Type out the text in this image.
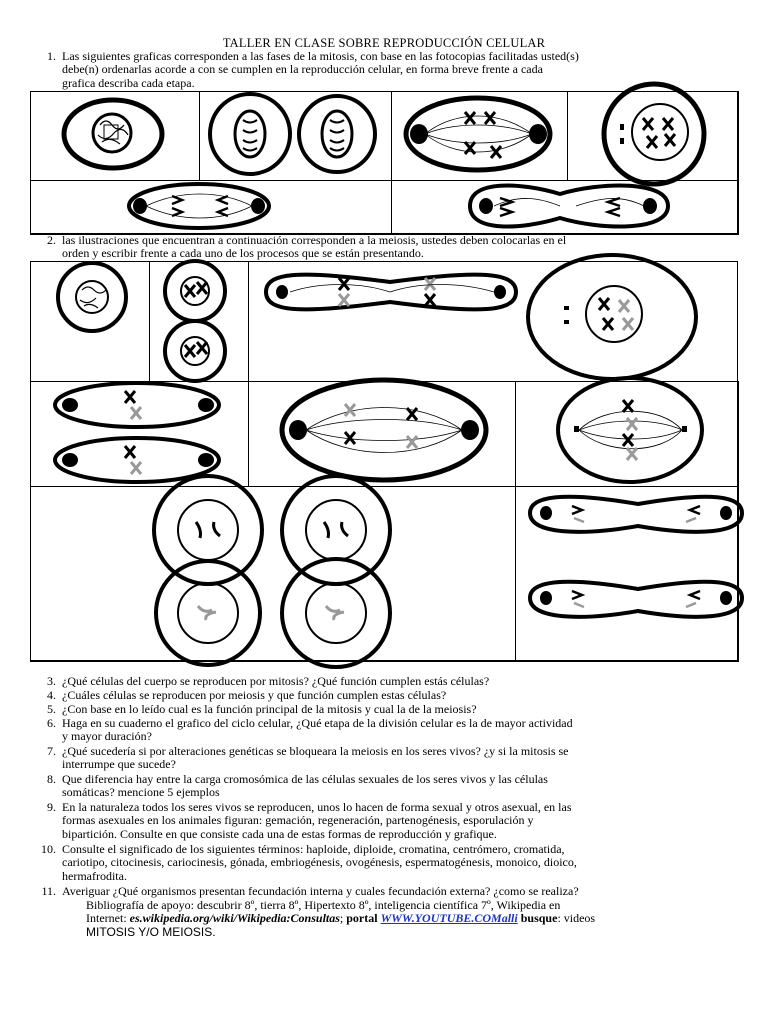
TALLER EN CLASE SOBRE REPRODUCCIÓN CELULAR
1. Las siguientes graficas corresponden a las fases de la mitosis, con base en las fotocopias facilitadas usted(s)
debe(n) ordenarlas acorde a con se cumplen en la reproducción celular, en forma breve frente a cada
grafica describa cada etapa.
2. las ilustraciones que encuentran a continuación corresponden a la meiosis, ustedes deben colocarlas en el
orden y escribir frente a cada uno de los procesos que se están presentando.
3. ¿Qué células del cuerpo se reproducen por mitosis? ¿Qué función cumplen estás células?
4. ¿Cuáles células se reproducen por meiosis y que función cumplen estas células?
5. ¿Con base en lo leído cual es la función principal de la mitosis y cual la de la meiosis?
6. Haga en su cuaderno el grafico del ciclo celular, ¿Qué etapa de la división celular es la de mayor actividad
y mayor duración?
7. ¿Qué sucedería si por alteraciones genéticas se bloqueara la meiosis en los seres vivos? ¿y si la mitosis se
interrumpe que sucede?
8. Que diferencia hay entre la carga cromosómica de las células sexuales de los seres vivos y las células
somáticas? mencione 5 ejemplos
9. En la naturaleza todos los seres vivos se reproducen, unos lo hacen de forma sexual y otros asexual, en las
formas asexuales en los animales figuran: gemación, regeneración, partenogénesis, esporulación y
bipartición. Consulte en que consiste cada una de estas formas de reproducción y grafique.
10. Consulte el significado de los siguientes términos: haploide, diploide, cromatina, centrómero, cromatida,
cariotipo, citocinesis, cariocinesis, gónada, embriogénesis, ovogénesis, espermatogénesis, monoico, dioico,
hermafrodita.
11. Averiguar ¿Qué organismos presentan fecundación interna y cuales fecundación externa? ¿como se realiza?
Bibliografía de apoyo: descubrir 8º, tierra 8º, Hipertexto 8º, inteligencia científica 7º, Wikipedia en
Internet: es.wikipedia.org/wiki/Wikipedia:Consultas; portal WWW.YOUTUBE.COMalli busque: videos
MITOSIS Y/O MEIOSIS.
